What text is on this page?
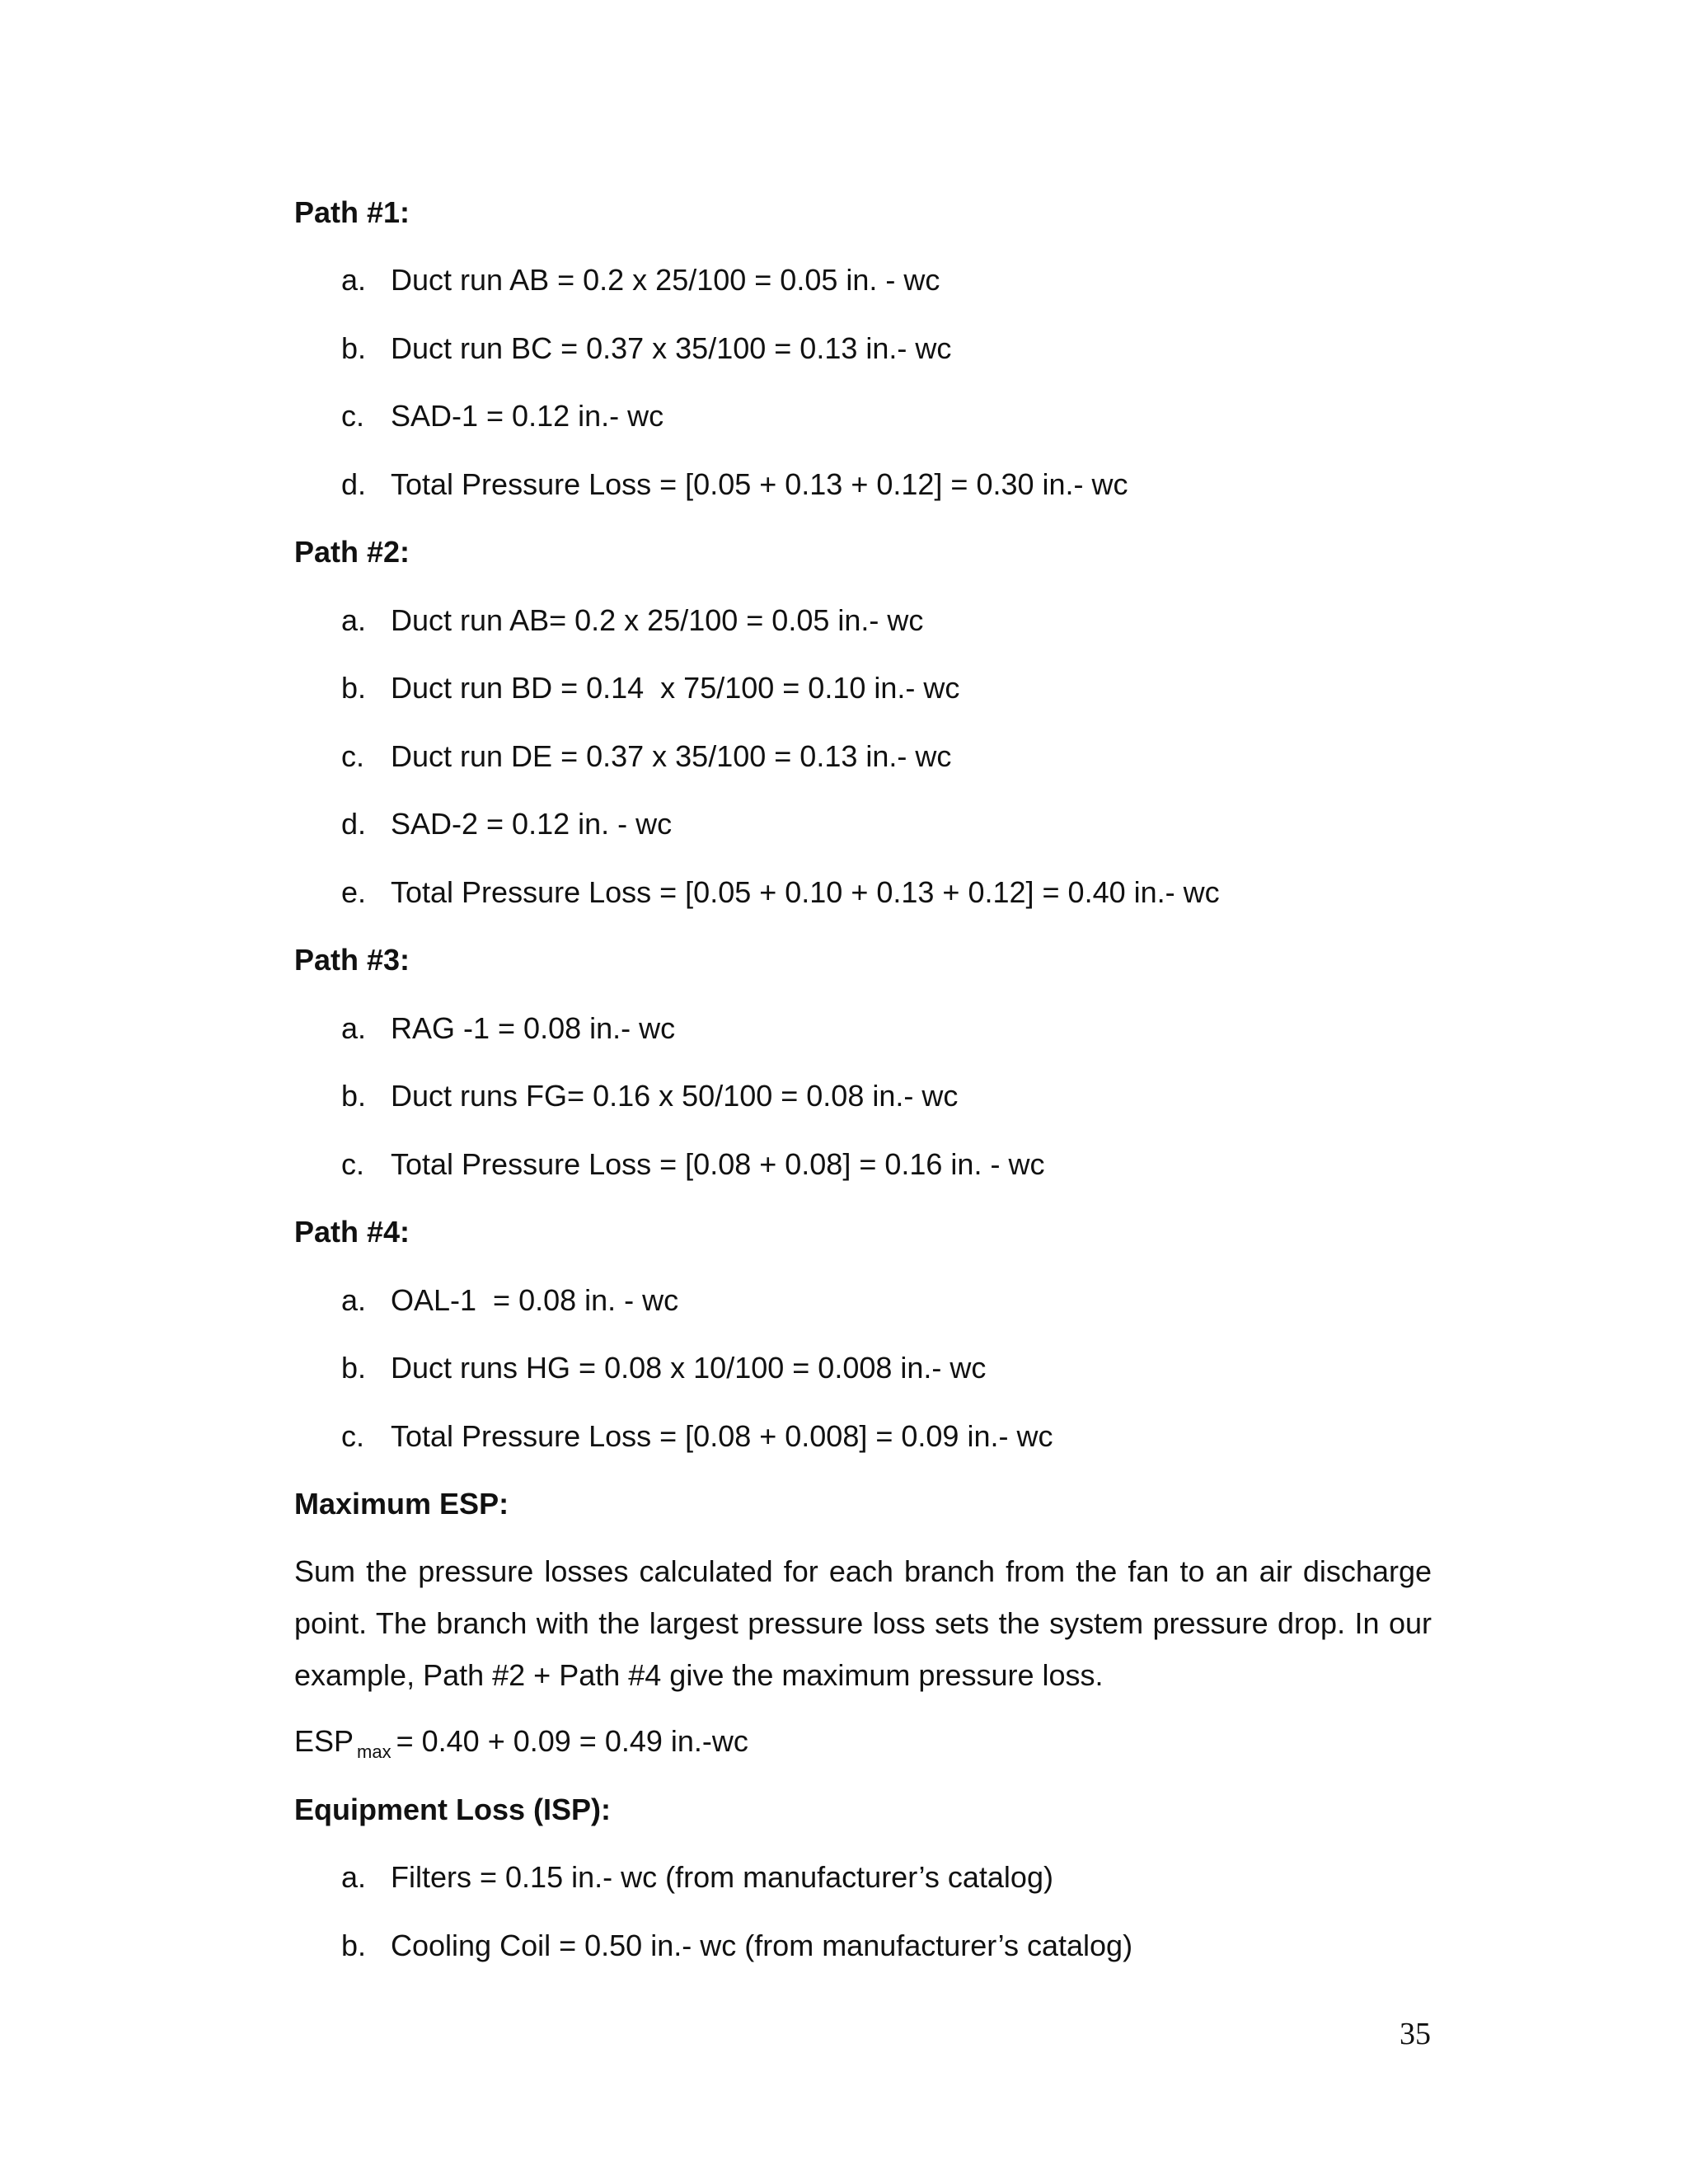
Path #1:
a. Duct run AB = 0.2 x 25/100 = 0.05 in. - wc
b. Duct run BC = 0.37 x 35/100 = 0.13 in.- wc
c. SAD-1 = 0.12 in.- wc
d. Total Pressure Loss = [0.05 + 0.13 + 0.12] = 0.30 in.- wc
Path #2:
a. Duct run AB= 0.2 x 25/100 = 0.05 in.- wc
b. Duct run BD = 0.14  x 75/100 = 0.10 in.- wc
c. Duct run DE = 0.37 x 35/100 = 0.13 in.- wc
d. SAD-2 = 0.12 in. - wc
e. Total Pressure Loss = [0.05 + 0.10 + 0.13 + 0.12] = 0.40 in.- wc
Path #3:
a. RAG -1 = 0.08 in.- wc
b. Duct runs FG= 0.16 x 50/100 = 0.08 in.- wc
c. Total Pressure Loss = [0.08 + 0.08] = 0.16 in. - wc
Path #4:
a. OAL-1  = 0.08 in. - wc
b. Duct runs HG = 0.08 x 10/100 = 0.008 in.- wc
c. Total Pressure Loss = [0.08 + 0.008] = 0.09 in.- wc
Maximum ESP:
Sum the pressure losses calculated for each branch from the fan to an air discharge point. The branch with the largest pressure loss sets the system pressure drop. In our example, Path #2 + Path #4 give the maximum pressure loss.
ESP $_{max}$ = 0.40 + 0.09 = 0.49 in.-wc
Equipment Loss (ISP):
a. Filters = 0.15 in.- wc (from manufacturer’s catalog)
b. Cooling Coil = 0.50 in.- wc (from manufacturer’s catalog)
35
